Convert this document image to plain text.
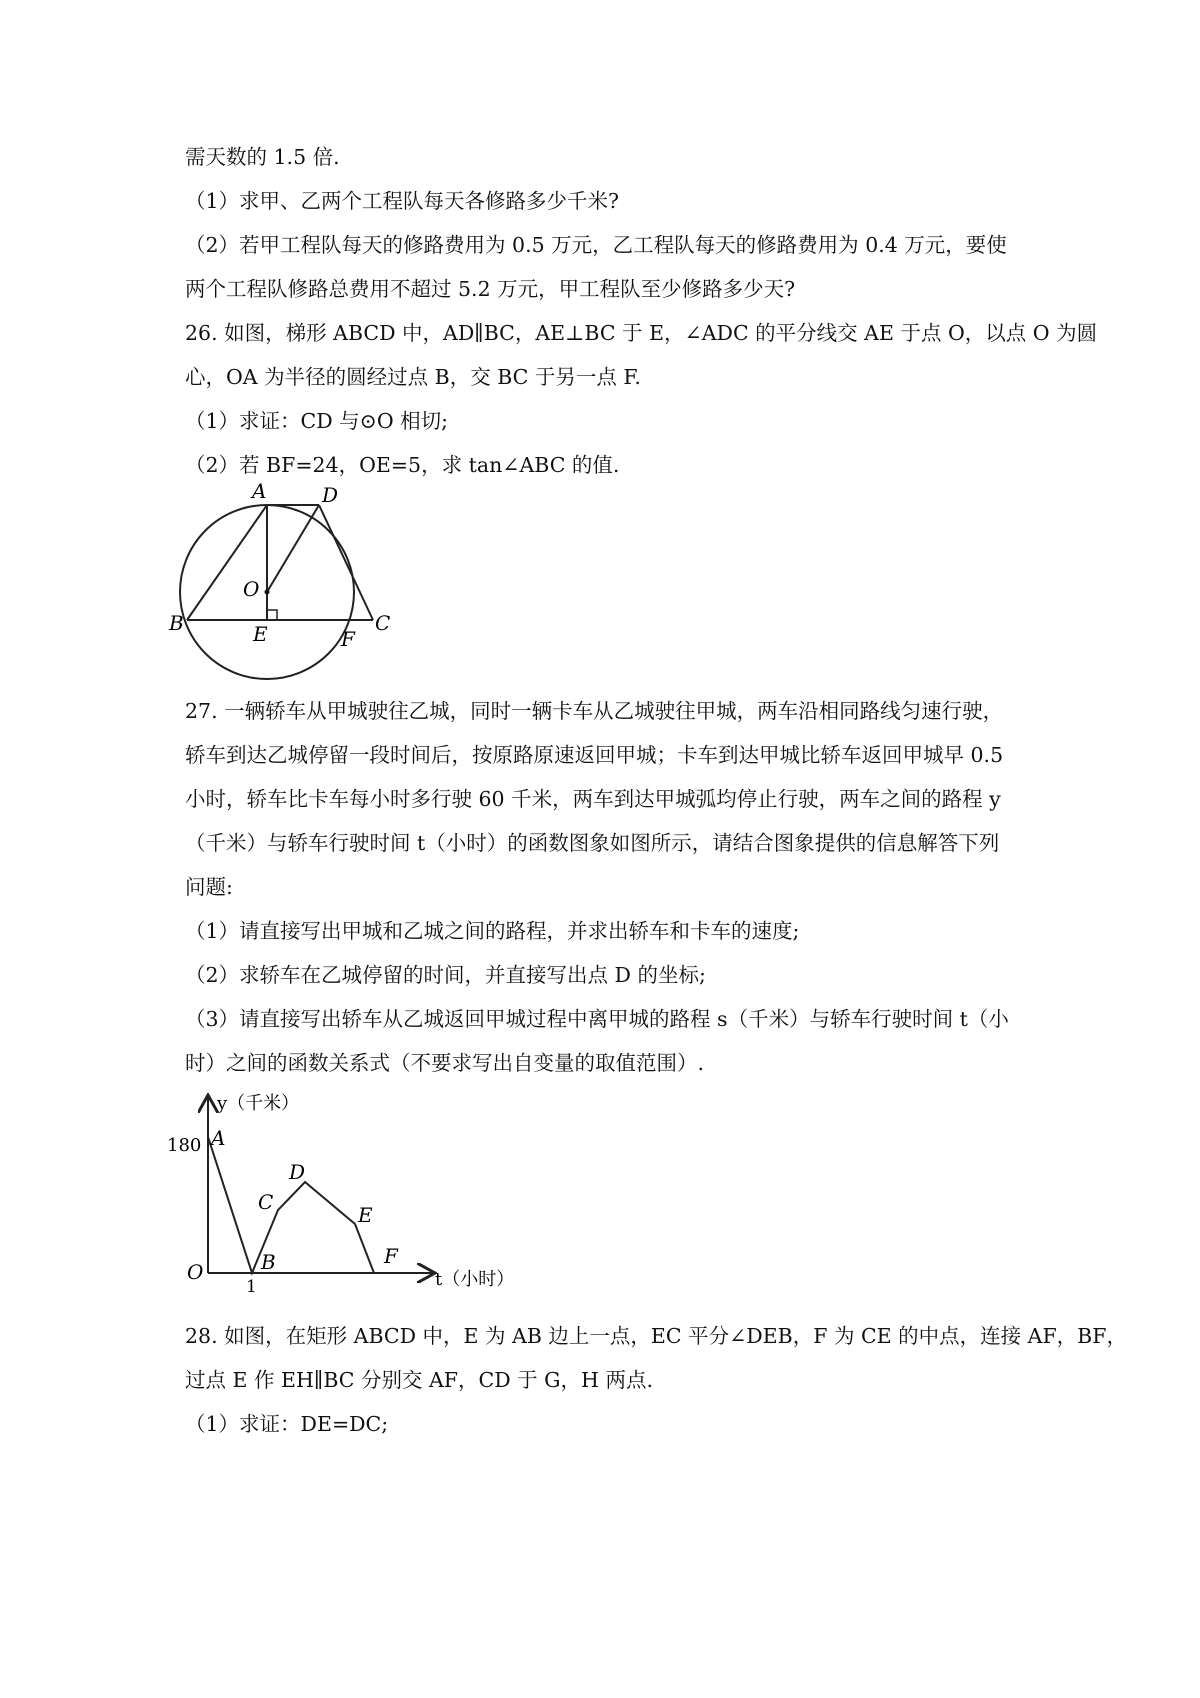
需天数的 1.5 倍.

（1）求甲、乙两个工程队每天各修路多少千米?

（2）若甲工程队每天的修路费用为 0.5 万元，乙工程队每天的修路费用为 0.4 万元，要使

两个工程队修路总费用不超过 5.2 万元，甲工程队至少修路多少天?

26. 如图，梯形 ABCD 中，AD∥BC，AE⊥BC 于 E，∠ADC 的平分线交 AE 于点 O，以点 O 为圆

心，OA 为半径的圆经过点 B，交 BC 于另一点 F.

（1）求证：CD 与⊙O 相切;

（2）若 BF=24，OE=5，求 tan∠ABC 的值.

A	D
O
B	E	F
C

27. 一辆轿车从甲城驶往乙城，同时一辆卡车从乙城驶往甲城，两车沿相同路线匀速行驶，

轿车到达乙城停留一段时间后，按原路原速返回甲城；卡车到达甲城比轿车返回甲城早 0.5

小时，轿车比卡车每小时多行驶 60 千米，两车到达甲城弧均停止行驶，两车之间的路程 y

（千米）与轿车行驶时间 t（小时）的函数图象如图所示，请结合图象提供的信息解答下列

问题:

（1）请直接写出甲城和乙城之间的路程，并求出轿车和卡车的速度;

（2）求轿车在乙城停留的时间，并直接写出点 D 的坐标;

（3）请直接写出轿车从乙城返回甲城过程中离甲城的路程 s（千米）与轿车行驶时间 t（小

时）之间的函数关系式（不要求写出自变量的取值范围）.

y（千米）
t（小时）
180
1
O
A
B
C
D
E
F

28. 如图，在矩形 ABCD 中，E 为 AB 边上一点，EC 平分∠DEB，F 为 CE 的中点，连接 AF，BF，

过点 E 作 EH∥BC 分别交 AF，CD 于 G，H 两点.

（1）求证：DE=DC;
